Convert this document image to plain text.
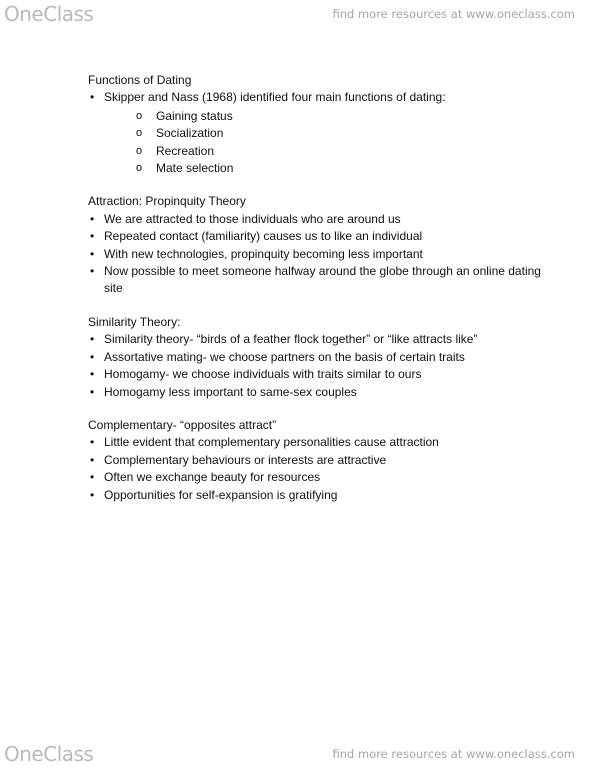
OneClass	find more resources at www.oneclass.com
Functions of Dating
• Skipper and Nass (1968) identified four main functions of dating:
o Gaining status
o Socialization
o Recreation
o Mate selection
Attraction: Propinquity Theory
• We are attracted to those individuals who are around us
• Repeated contact (familiarity) causes us to like an individual
• With new technologies, propinquity becoming less important
• Now possible to meet someone halfway around the globe through an online dating site
Similarity Theory:
• Similarity theory- “birds of a feather flock together” or “like attracts like”
• Assortative mating- we choose partners on the basis of certain traits
• Homogamy- we choose individuals with traits similar to ours
• Homogamy less important to same-sex couples
Complementary- “opposites attract”
• Little evident that complementary personalities cause attraction
• Complementary behaviours or interests are attractive
• Often we exchange beauty for resources
• Opportunities for self-expansion is gratifying
OneClass	find more resources at www.oneclass.com
